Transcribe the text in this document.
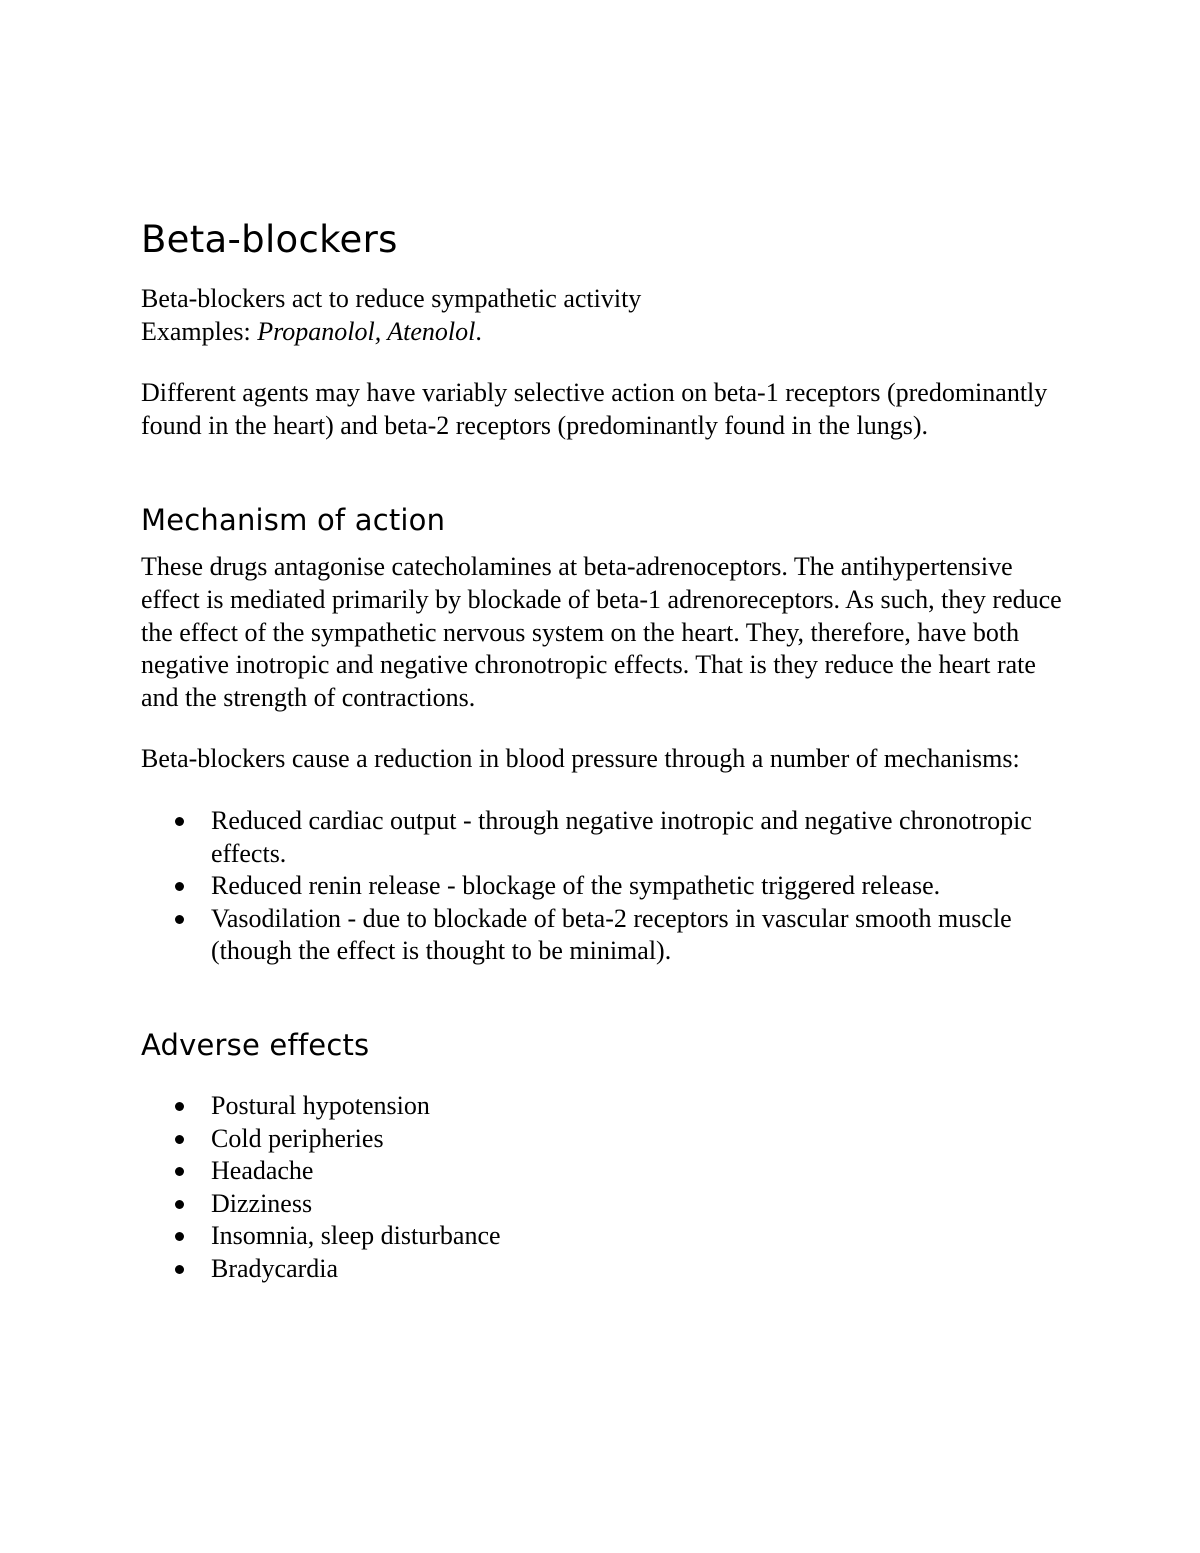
Beta-blockers

Beta-blockers act to reduce sympathetic activity

Examples: Propanolol, Atenolol.

Different agents may have variably selective action on beta-1 receptors (predominantly found in the heart) and beta-2 receptors (predominantly found in the lungs).

Mechanism of action

These drugs antagonise catecholamines at beta-adrenoceptors. The antihypertensive effect is mediated primarily by blockade of beta-1 adrenoreceptors. As such, they reduce the effect of the sympathetic nervous system on the heart. They, therefore, have both negative inotropic and negative chronotropic effects. That is they reduce the heart rate and the strength of contractions.

Beta-blockers cause a reduction in blood pressure through a number of mechanisms:

Reduced cardiac output - through negative inotropic and negative chronotropic effects.
Reduced renin release - blockage of the sympathetic triggered release.
Vasodilation - due to blockade of beta-2 receptors in vascular smooth muscle (though the effect is thought to be minimal).
Adverse effects
Postural hypotension
Cold peripheries
Headache
Dizziness
Insomnia, sleep disturbance
Bradycardia
